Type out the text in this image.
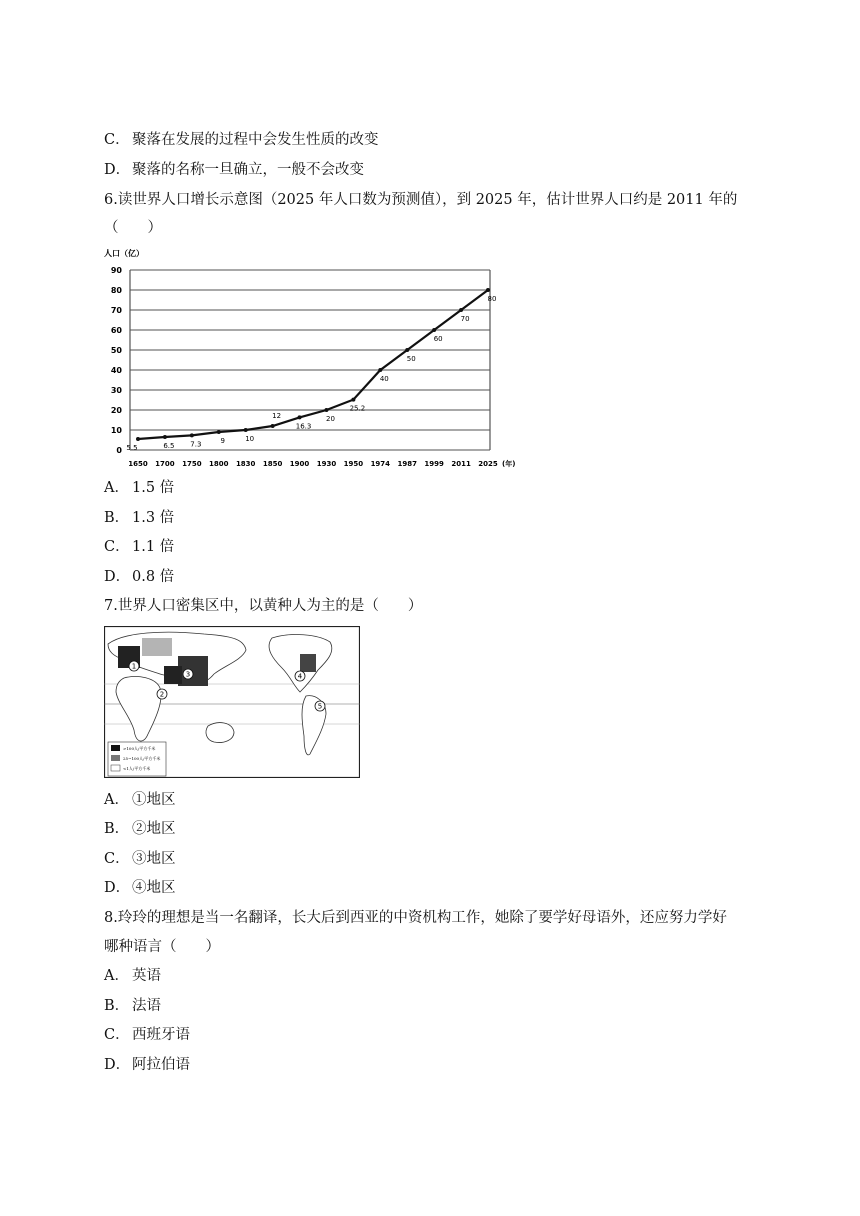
C． 聚落在发展的过程中会发生性质的改变
D． 聚落的名称一旦确立，一般不会改变
6.读世界人口增长示意图（2025 年人口数为预测值），到 2025 年，估计世界人口约是 2011 年的
（　　）
人口（亿）
0
10
20
30
40
50
60
70
80
90
1650 1700 1750 1800 1830 1850 1900 1930 1950 1974 1987 1999 2011 2025 (年)
5.5	6.5 7.3	9	10
12
16.3
20
25.2
40
50
60
70
80
A． 1.5 倍
B． 1.3 倍
C． 1.1 倍
D． 0.8 倍
7.世界人口密集区中，以黄种人为主的是（　　）
1
2
3	4
5
>100人/平方千米
25~100人/平方千米
<1人/平方千米
A． ①地区
B． ②地区
C． ③地区
D． ④地区
8.玲玲的理想是当一名翻译，长大后到西亚的中资机构工作，她除了要学好母语外，还应努力学好
哪种语言（　　）
A． 英语
B． 法语
C． 西班牙语
D． 阿拉伯语
